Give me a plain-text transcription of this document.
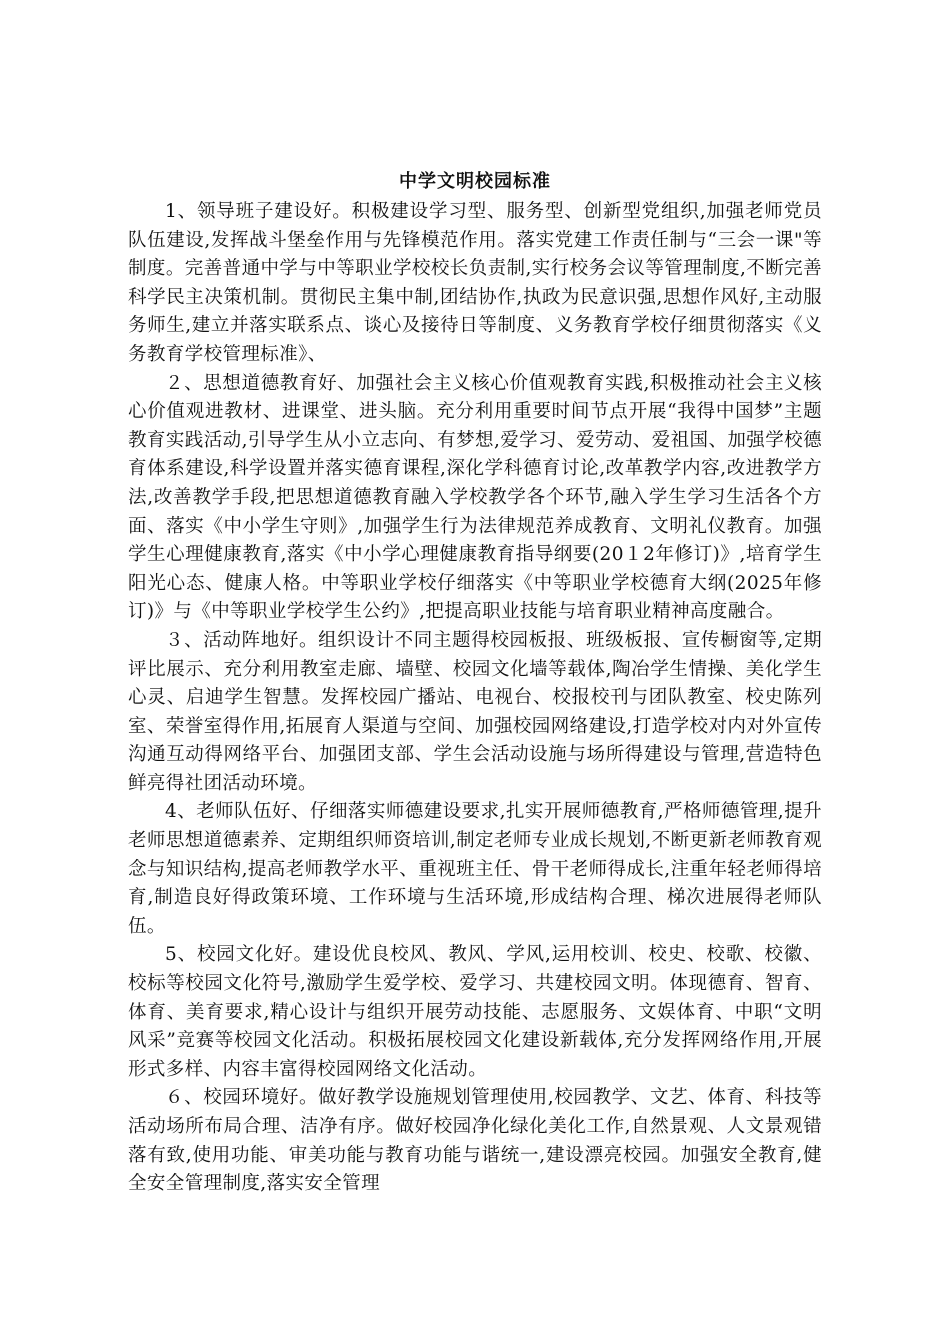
中学文明校园标准

1、领导班子建设好。积极建设学习型、服务型、创新型党组织,加强老师党员队伍建设,发挥战斗堡垒作用与先锋模范作用。落实党建工作责任制与“三会一课"等制度。完善普通中学与中等职业学校校长负责制,实行校务会议等管理制度,不断完善科学民主决策机制。贯彻民主集中制,团结协作,执政为民意识强,思想作风好,主动服务师生,建立并落实联系点、谈心及接待日等制度、义务教育学校仔细贯彻落实《义务教育学校管理标准》、

２、思想道德教育好、加强社会主义核心价值观教育实践,积极推动社会主义核心价值观进教材、进课堂、进头脑。充分利用重要时间节点开展“我得中国梦”主题教育实践活动,引导学生从小立志向、有梦想,爱学习、爱劳动、爱祖国、加强学校德育体系建设,科学设置并落实德育课程,深化学科德育讨论,改革教学内容,改进教学方法,改善教学手段,把思想道德教育融入学校教学各个环节,融入学生学习生活各个方面、落实《中小学生守则》,加强学生行为法律规范养成教育、文明礼仪教育。加强学生心理健康教育,落实《中小学心理健康教育指导纲要(20１2年修订)》,培育学生阳光心态、健康人格。中等职业学校仔细落实《中等职业学校德育大纲(2025年修订)》与《中等职业学校学生公约》,把提高职业技能与培育职业精神高度融合。

３、活动阵地好。组织设计不同主题得校园板报、班级板报、宣传橱窗等,定期评比展示、充分利用教室走廊、墙壁、校园文化墙等载体,陶冶学生情操、美化学生心灵、启迪学生智慧。发挥校园广播站、电视台、校报校刊与团队教室、校史陈列室、荣誉室得作用,拓展育人渠道与空间、加强校园网络建设,打造学校对内对外宣传沟通互动得网络平台、加强团支部、学生会活动设施与场所得建设与管理,营造特色鲜亮得社团活动环境。

4、老师队伍好、仔细落实师德建设要求,扎实开展师德教育,严格师德管理,提升老师思想道德素养、定期组织师资培训,制定老师专业成长规划,不断更新老师教育观念与知识结构,提高老师教学水平、重视班主任、骨干老师得成长,注重年轻老师得培育,制造良好得政策环境、工作环境与生活环境,形成结构合理、梯次进展得老师队伍。

5、校园文化好。建设优良校风、教风、学风,运用校训、校史、校歌、校徽、校标等校园文化符号,激励学生爱学校、爱学习、共建校园文明。体现德育、智育、体育、美育要求,精心设计与组织开展劳动技能、志愿服务、文娱体育、中职“文明风采”竞赛等校园文化活动。积极拓展校园文化建设新载体,充分发挥网络作用,开展形式多样、内容丰富得校园网络文化活动。

６、校园环境好。做好教学设施规划管理使用,校园教学、文艺、体育、科技等活动场所布局合理、洁净有序。做好校园净化绿化美化工作,自然景观、人文景观错落有致,使用功能、审美功能与教育功能与谐统一,建设漂亮校园。加强安全教育,健全安全管理制度,落实安全管理
